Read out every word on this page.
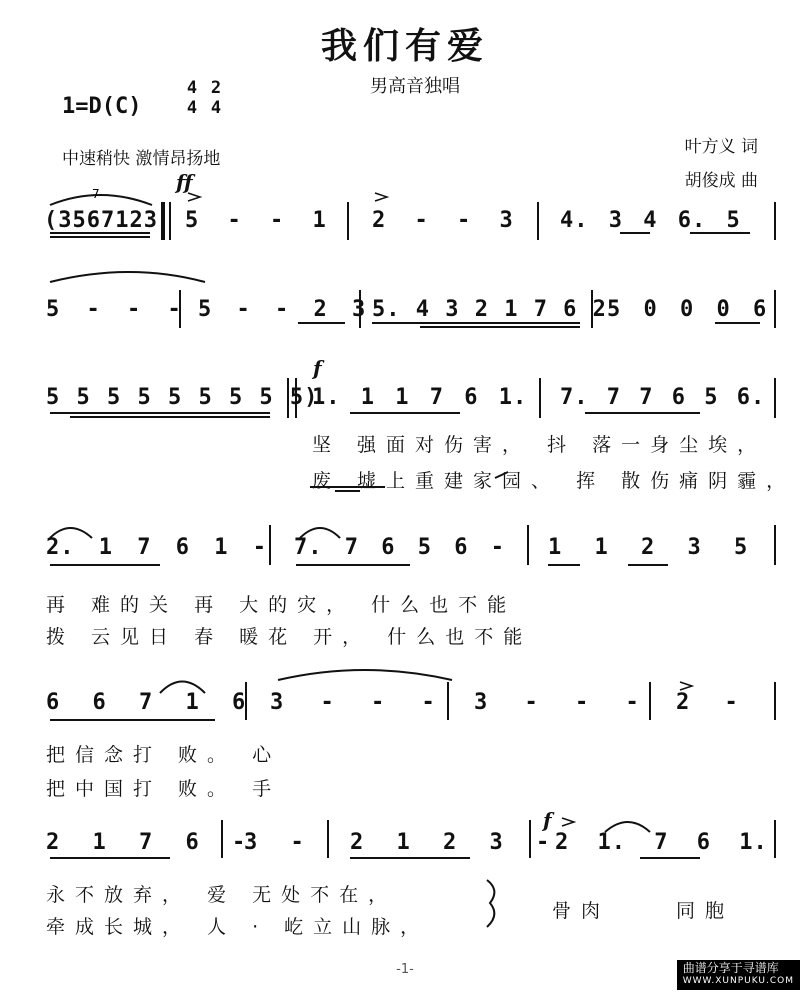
我们有爱
男高音独唱
1=D(C)
4 2
4 4
中速稍快 激情昂扬地
叶方义 词
胡俊成 曲
7	ff
f
f
(3567123 5 - - 1 2 - - 3 4. 3 4 6. 5
5 - - - 5 - - 2 3 5. 4 3 2 1 7 6 2 5 0 0 0 6
5 5 5 5 5 5 5 5 5)
1. 1 1 7 6 1. 7. 7 7 6 5 6.
坚 强面对伤害， 抖 落一身尘埃，
废 墟上重建家园、 挥 散伤痛阴霾，
2. 1 7 6 1 - 7. 7 6 5 6 - 1 1 2 3 5
再 难的关 再 大的灾， 什么也不能
拨 云见日 春 暖花 开， 什么也不能
6 6 7 1 6 3 - - - 3 - - - 2 -
把信念打 败。 心
把中国打 败。 手
2 1 7 6 -
3 - 2 1 2 3 - 2 1. 7 6 1.
永不放弃， 爱 无处不在，
牵成长城， 人 · 屹立山脉，
骨肉 同胞
-1-	曲谱分享于寻谱库
WWW.XUNPUKU.COM
